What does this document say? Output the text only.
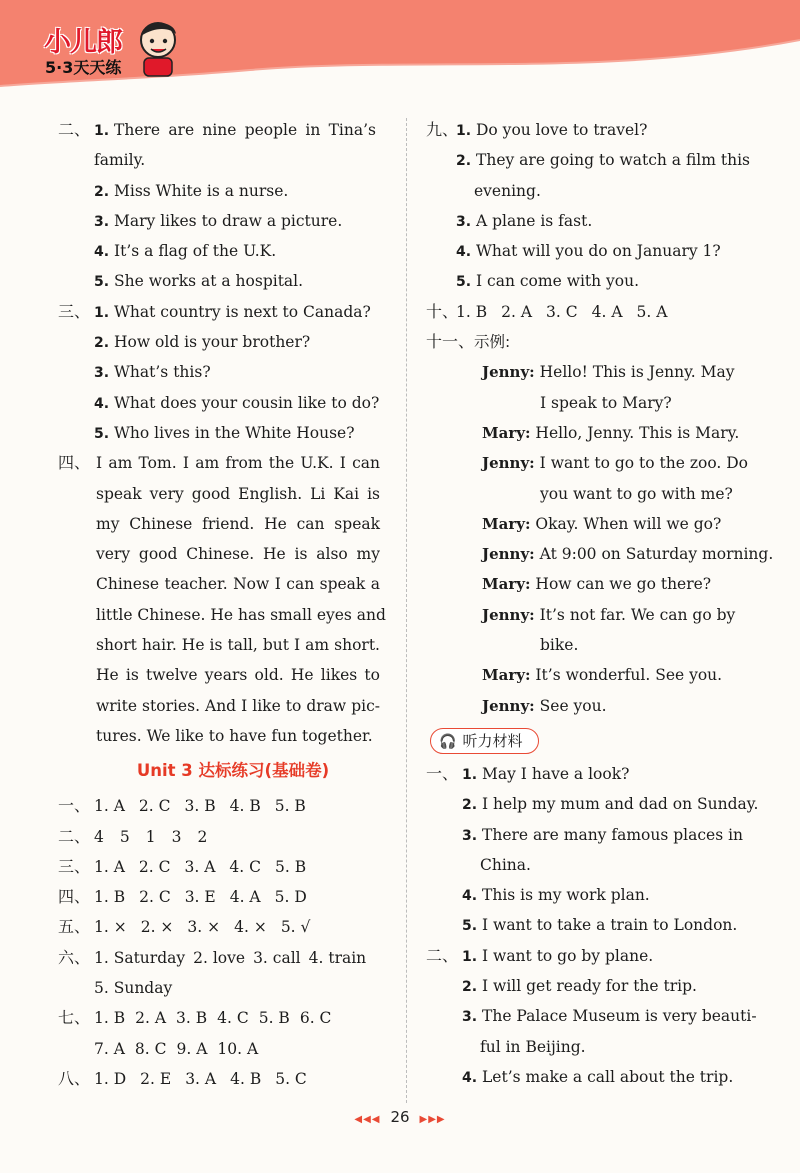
小儿郎
5·3天天练
二、 1. There are nine people in Tina’s
family.
2. Miss White is a nurse.
3. Mary likes to draw a picture.
4. It’s a flag of the U.K.
5. She works at a hospital.
三、 1. What country is next to Canada?
2. How old is your brother?
3. What’s this?
4. What does your cousin like to do?
5. Who lives in the White House?
四、 I am Tom. I am from the U.K. I can
speak very good English. Li Kai is
my Chinese friend. He can speak
very good Chinese. He is also my
Chinese teacher. Now I can speak a
little Chinese. He has small eyes and
short hair. He is tall, but I am short.
He is twelve years old. He likes to
write stories. And I like to draw pic-
tures. We like to have fun together.
Unit 3 达标练习(基础卷)
一、 1. A 2. C 3. B 4. B 5. B
二、 4 5 1 3 2
三、 1. A 2. C 3. A 4. C 5. B
四、 1. B 2. C 3. E 4. A 5. D
五、 1. × 2. × 3. × 4. × 5. √
六、 1. Saturday 2. love 3. call 4. train
5. Sunday
七、 1. B 2. A 3. B 4. C 5. B 6. C
7. A 8. C 9. A 10. A
八、 1. D 2. E 3. A 4. B 5. C
九、1. Do you love to travel?
2. They are going to watch a film this
evening.
3. A plane is fast.
4. What will you do on January 1?
5. I can come with you.
十、1. B 2. A 3. C 4. A 5. A
十一、示例:
Jenny: Hello! This is Jenny. May
I speak to Mary?
Mary: Hello, Jenny. This is Mary.
Jenny: I want to go to the zoo. Do
you want to go with me?
Mary: Okay. When will we go?
Jenny: At 9:00 on Saturday morning.
Mary: How can we go there?
Jenny: It’s not far. We can go by
bike.
Mary: It’s wonderful. See you.
Jenny: See you.
🎧 听力材料
一、 1. May I have a look?
2. I help my mum and dad on Sunday.
3. There are many famous places in
China.
4. This is my work plan.
5. I want to take a train to London.
二、 1. I want to go by plane.
2. I will get ready for the trip.
3. The Palace Museum is very beauti-
ful in Beijing.
4. Let’s make a call about the trip.
◀◀◀ 26 ▶▶▶
